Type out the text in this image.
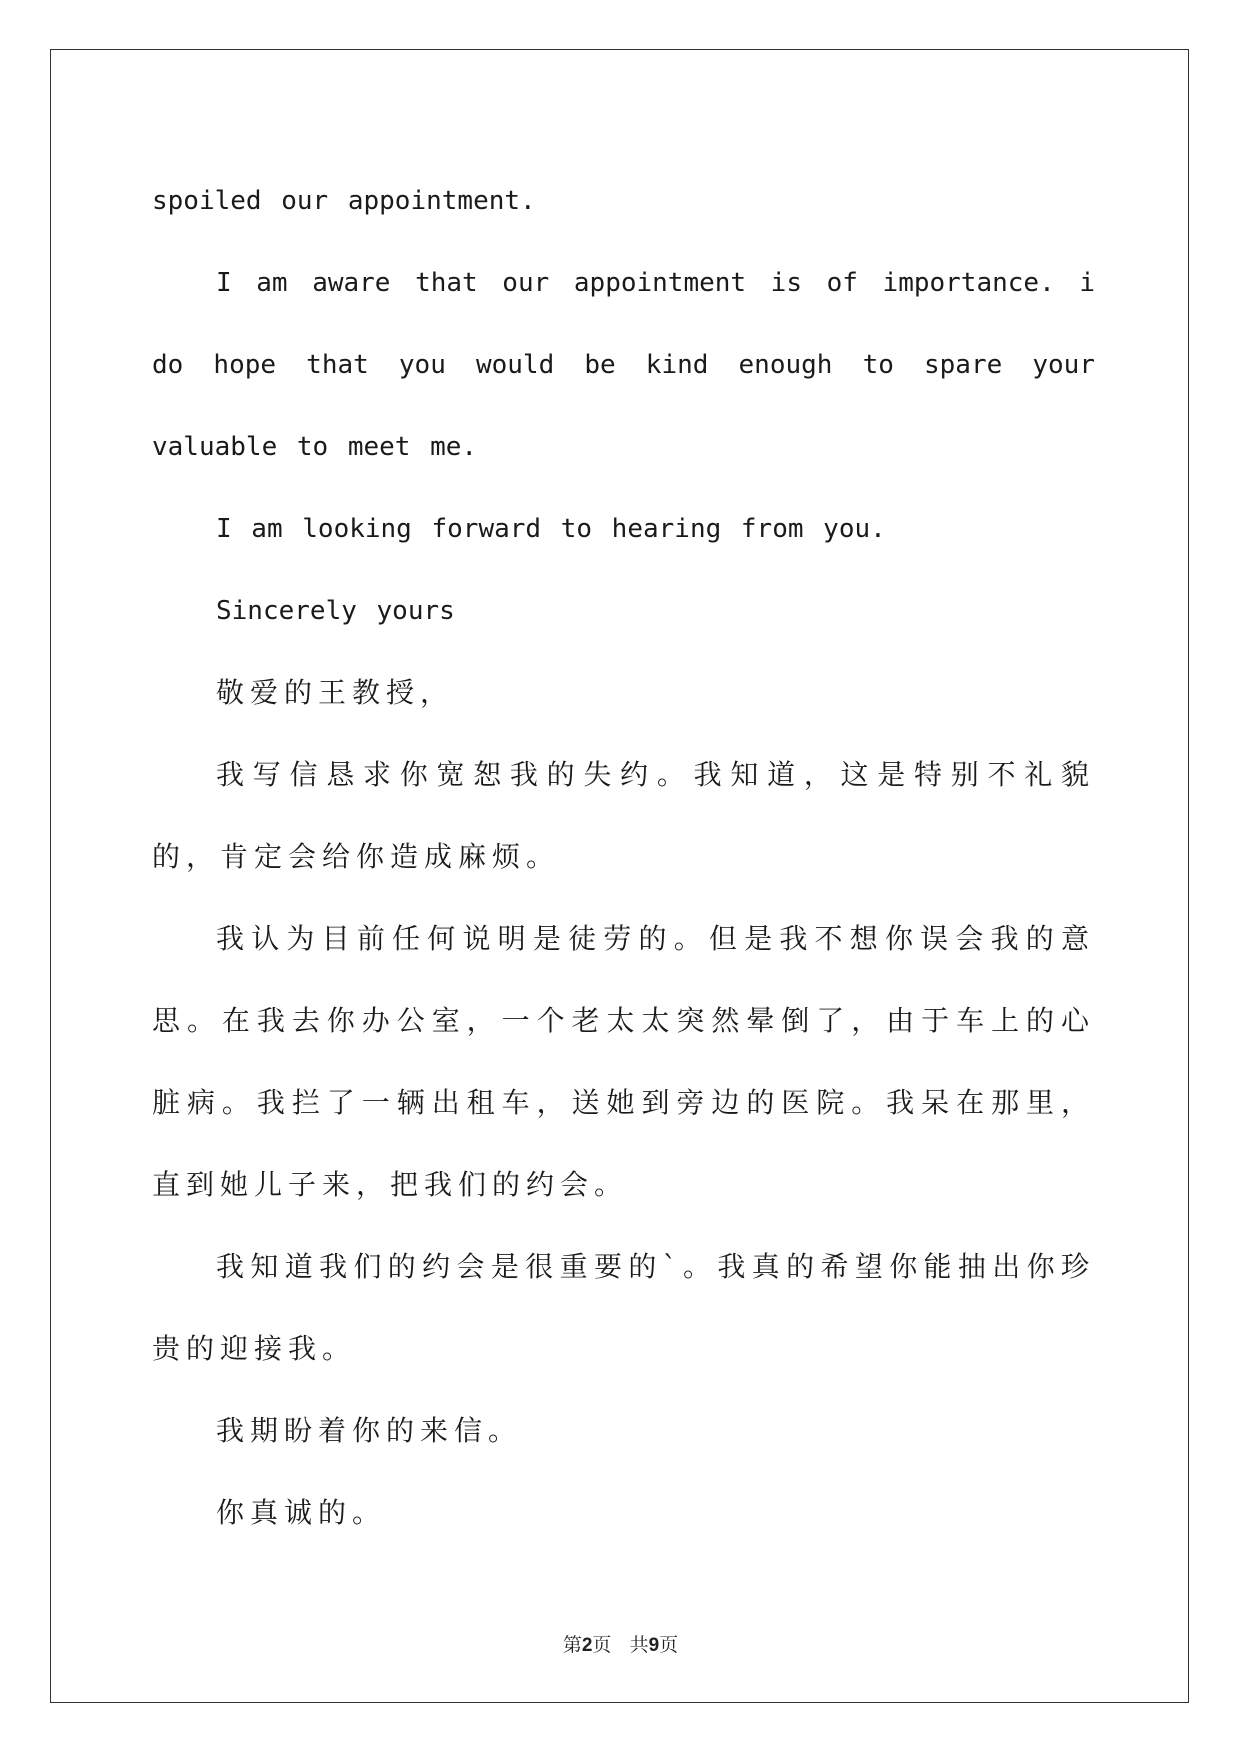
spoiled our appointment.

I am aware that our appointment is of importance. i do hope that you would be kind enough to spare your valuable to meet me.

I am looking forward to hearing from you.

Sincerely yours

敬爱的王教授，

我写信恳求你宽恕我的失约。我知道，这是特别不礼貌的，肯定会给你造成麻烦。

我认为目前任何说明是徒劳的。但是我不想你误会我的意思。在我去你办公室，一个老太太突然晕倒了，由于车上的心脏病。我拦了一辆出租车，送她到旁边的医院。我呆在那里，直到她儿子来，把我们的约会。

我知道我们的约会是很重要的`。我真的希望你能抽出你珍贵的迎接我。

我期盼着你的来信。

你真诚的。

第2页 共9页
